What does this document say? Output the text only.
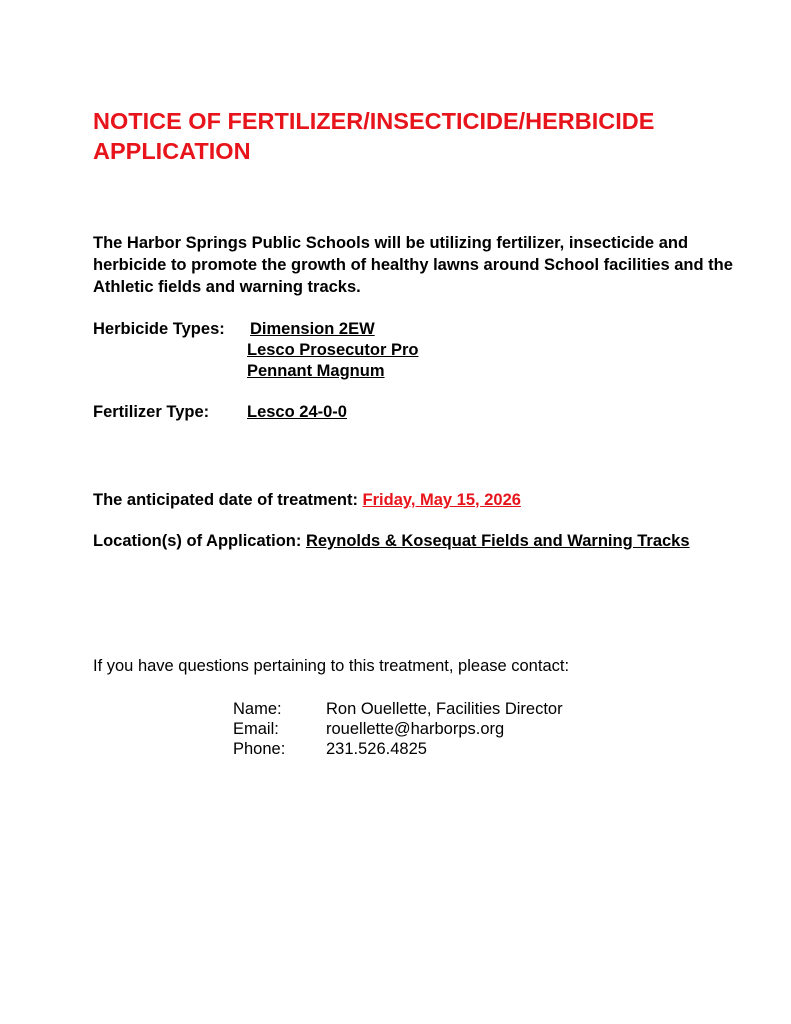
NOTICE OF FERTILIZER/INSECTICIDE/HERBICIDE APPLICATION

The Harbor Springs Public Schools will be utilizing fertilizer, insecticide and herbicide to promote the growth of healthy lawns around School facilities and the Athletic fields and warning tracks.

Herbicide Types: Dimension 2EW
Lesco Prosecutor Pro
Pennant Magnum
Fertilizer Type: Lesco 24-0-0
The anticipated date of treatment: Friday, May 15, 2026

Location(s) of Application: Reynolds & Kosequat Fields and Warning Tracks

If you have questions pertaining to this treatment, please contact:
Name:	Ron Ouellette, Facilities Director
Email:	rouellette@harborps.org
Phone: 231.526.4825
